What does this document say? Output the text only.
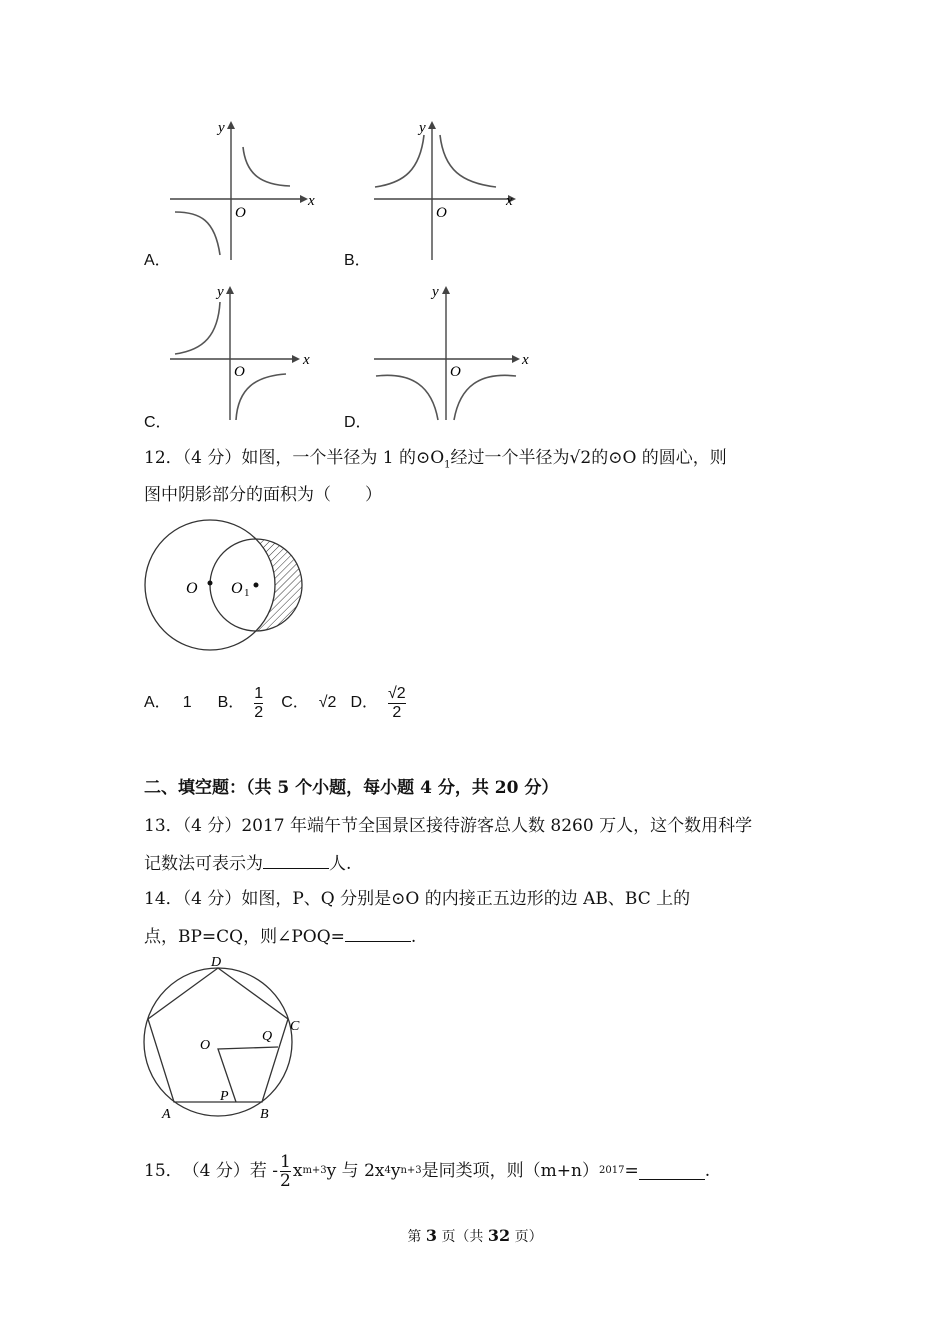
y
x
O
A．
y
x
O
B．
y
x
O
C．
y
x
O
D．
12．（4 分）如图，一个半径为 1 的$⊙O_1$经过一个半径为√2的⊙O 的圆心，则
图中阴影部分的面积为（　　）
O O 1
A． 1 B． $\frac{1}{2}$ C． √2 D． $\frac{√2}{2}$
二、填空题：（共 5 个小题，每小题 4 分，共 20 分）
13．（4 分）2017 年端午节全国景区接待游客总人数 8260 万人，这个数用科学
记数法可表示为	人.
14．（4 分）如图，P、Q 分别是⊙O 的内接正五边形的边 AB、BC 上的
点，BP=CQ，则∠POQ=	.
D
C
O
Q
A
P
B
15． （4 分）若 - $\frac{1}{2}$ x m+3 y 与 2x 4 y n+3 是同类项，则（m+n） 2017 =	.
第 3 页（共 32 页）
